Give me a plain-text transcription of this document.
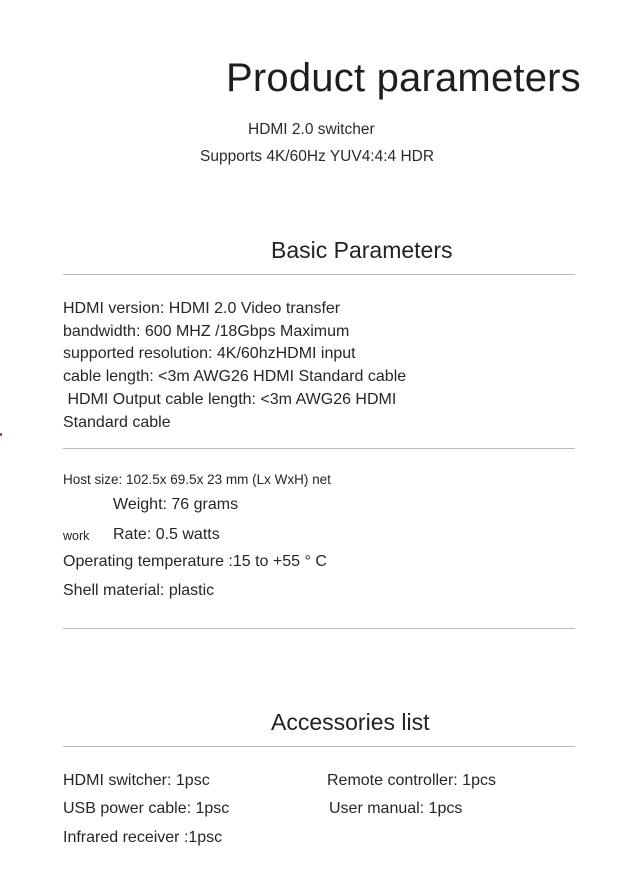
Product parameters
HDMI 2.0 switcher
Supports 4K/60Hz YUV4:4:4 HDR
Basic Parameters
HDMI version: HDMI 2.0 Video transfer
bandwidth: 600 MHZ /18Gbps Maximum
supported resolution: 4K/60hzHDMI input
cable length: <3m AWG26 HDMI Standard cable
HDMI Output cable length: <3m AWG26 HDMI
Standard cable
Host size: 102.5x 69.5x 23 mm (Lx WxH) net
Weight: 76 grams
work Rate: 0.5 watts
Operating temperature :15 to +55 ° C
Shell material: plastic
Accessories list
HDMI switcher: 1psc
USB power cable: 1psc
Infrared receiver :1psc
Remote controller: 1pcs
User manual: 1pcs
